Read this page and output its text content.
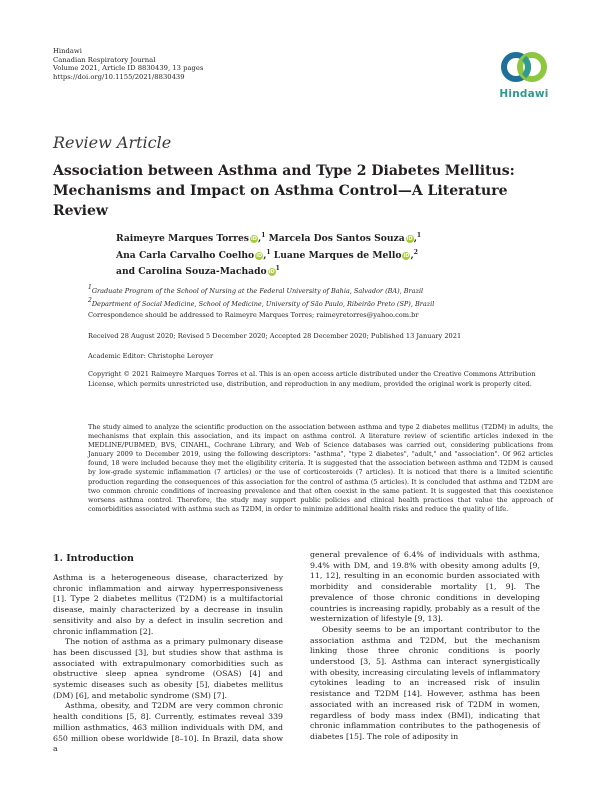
Hindawi
Canadian Respiratory Journal
Volume 2021, Article ID 8830439, 13 pages
https://doi.org/10.1155/2021/8830439
Hindawi
Review Article
Association between Asthma and Type 2 Diabetes Mellitus:
Mechanisms and Impact on Asthma Control—A Literature Review
Raimeyre Marques Torres iD,$^1$ Marcela Dos Santos Souza iD,$^1$
Ana Carla Carvalho Coelho iD,$^1$ Luane Marques de Mello iD,$^2$
and Carolina Souza-Machado $iD^1$
1Graduate Program of the School of Nursing at the Federal University of Bahia, Salvador (BA), Brazil
2Department of Social Medicine, School of Medicine, University of São Paulo, Ribeirão Preto (SP), Brazil
Correspondence should be addressed to Raimeyre Marques Torres; raimeyretorres@yahoo.com.br
Received 28 August 2020; Revised 5 December 2020; Accepted 28 December 2020; Published 13 January 2021
Academic Editor: Christophe Leroyer
Copyright © 2021 Raimeyre Marques Torres et al. This is an open access article distributed under the Creative Commons Attribution License, which permits unrestricted use, distribution, and reproduction in any medium, provided the original work is properly cited.
The study aimed to analyze the scientific production on the association between asthma and type 2 diabetes mellitus (T2DM) in adults, the mechanisms that explain this association, and its impact on asthma control. A literature review of scientific articles indexed in the MEDLINE/PUBMED, BVS, CINAHL, Cochrane Library, and Web of Science databases was carried out, considering publications from January 2009 to December 2019, using the following descriptors: "asthma", "type 2 diabetes", "adult," and "association". Of 962 articles found, 18 were included because they met the eligibility criteria. It is suggested that the association between asthma and T2DM is caused by low-grade systemic inflammation (7 articles) or the use of corticosteroids (7 articles). It is noticed that there is a limited scientific production regarding the consequences of this association for the control of asthma (5 articles). It is concluded that asthma and T2DM are two common chronic conditions of increasing prevalence and that often coexist in the same patient. It is suggested that this coexistence worsens asthma control. Therefore, the study may support public policies and clinical health practices that value the approach of comorbidities associated with asthma such as T2DM, in order to minimize additional health risks and reduce the quality of life.
1. Introduction

Asthma is a heterogeneous disease, characterized by chronic inflammation and airway hyperresponsiveness [1]. Type 2 diabetes mellitus (T2DM) is a multifactorial disease, mainly characterized by a decrease in insulin sensitivity and also by a defect in insulin secretion and chronic inflammation [2].

The notion of asthma as a primary pulmonary disease has been discussed [3], but studies show that asthma is associated with extrapulmonary comorbidities such as obstructive sleep apnea syndrome (OSAS) [4] and systemic diseases such as obesity [5], diabetes mellitus (DM) [6], and metabolic syndrome (SM) [7].

Asthma, obesity, and T2DM are very common chronic health conditions [5, 8]. Currently, estimates reveal 339 million asthmatics, 463 million individuals with DM, and 650 million obese worldwide [8–10]. In Brazil, data show a

general prevalence of 6.4% of individuals with asthma, 9.4% with DM, and 19.8% with obesity among adults [9, 11, 12], resulting in an economic burden associated with morbidity and considerable mortality [1, 9]. The prevalence of those chronic conditions in developing countries is increasing rapidly, probably as a result of the westernization of lifestyle [9, 13].

Obesity seems to be an important contributor to the association asthma and T2DM, but the mechanism linking those three chronic conditions is poorly understood [3, 5]. Asthma can interact synergistically with obesity, increasing circulating levels of inflammatory cytokines leading to an increased risk of insulin resistance and T2DM [14]. However, asthma has been associated with an increased risk of T2DM in women, regardless of body mass index (BMI), indicating that chronic inflammation contributes to the pathogenesis of diabetes [15]. The role of adiposity in
